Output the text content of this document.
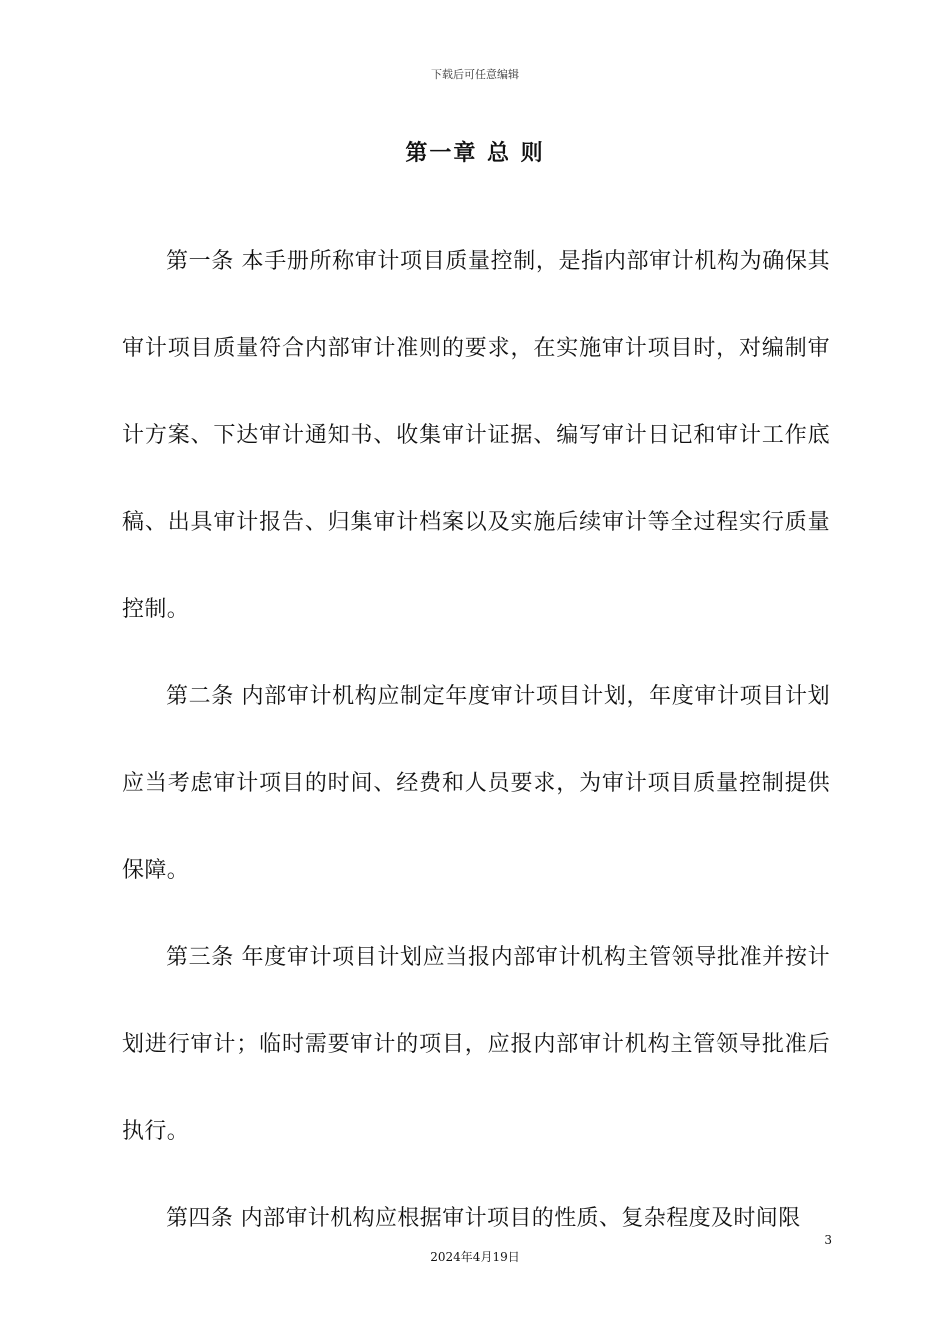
下载后可任意编辑
第一章 总 则

第一条 本手册所称审计项目质量控制，是指内部审计机构为确保其审计项目质量符合内部审计准则的要求，在实施审计项目时，对编制审计方案、下达审计通知书、收集审计证据、编写审计日记和审计工作底稿、出具审计报告、归集审计档案以及实施后续审计等全过程实行质量控制。

第二条 内部审计机构应制定年度审计项目计划，年度审计项目计划应当考虑审计项目的时间、经费和人员要求，为审计项目质量控制提供保障。

第三条 年度审计项目计划应当报内部审计机构主管领导批准并按计划进行审计；临时需要审计的项目，应报内部审计机构主管领导批准后执行。

第四条 内部审计机构应根据审计项目的性质、复杂程度及时间限

3
2024年4月19日
